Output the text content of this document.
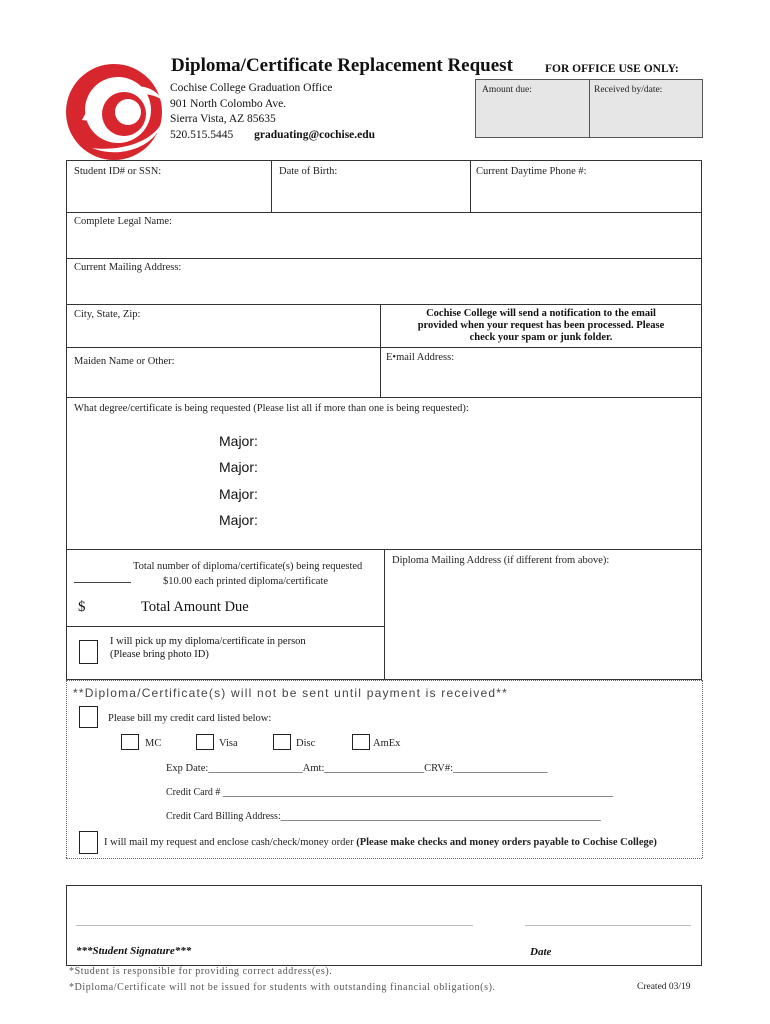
Diploma/Certificate Replacement Request	FOR OFFICE USE ONLY:
Amount due:	Received by/date:
Cochise College Graduation Office
901 North Colombo Ave.
Sierra Vista, AZ 85635
520.515.5445 graduating@cochise.edu
Student ID# or SSN:	Date of Birth:	Current Daytime Phone #:
Complete Legal Name:
Current Mailing Address:
City, State, Zip:	Cochise College will send a notification to the email
provided when your request has been processed. Please
check your spam or junk folder.
Maiden Name or Other:	E•mail Address:
What degree/certificate is being requested (Please list all if more than one is being requested):
Major:
Major:
Major:
Major:
Total number of diploma/certificate(s) being requested
$10.00 each printed diploma/certificate
$	Total Amount Due
Diploma Mailing Address (if different from above):
I will pick up my diploma/certificate in person
(Please bring photo ID)
**Diploma/Certificate(s) will not be sent until payment is received**
Please bill my credit card listed below:
MC	Visa	Disc	AmEx
Exp Date:__________________Amt:___________________CRV#:__________________
Credit Card # ______________________________________________________________________________
Credit Card Billing Address:________________________________________________________________
I will mail my request and enclose cash/check/money order (Please make checks and money orders payable to Cochise College)
***Student Signature***	Date
*Student is responsible for providing correct address(es).
*Diploma/Certificate will not be issued for students with outstanding financial obligation(s).	Created 03/19
